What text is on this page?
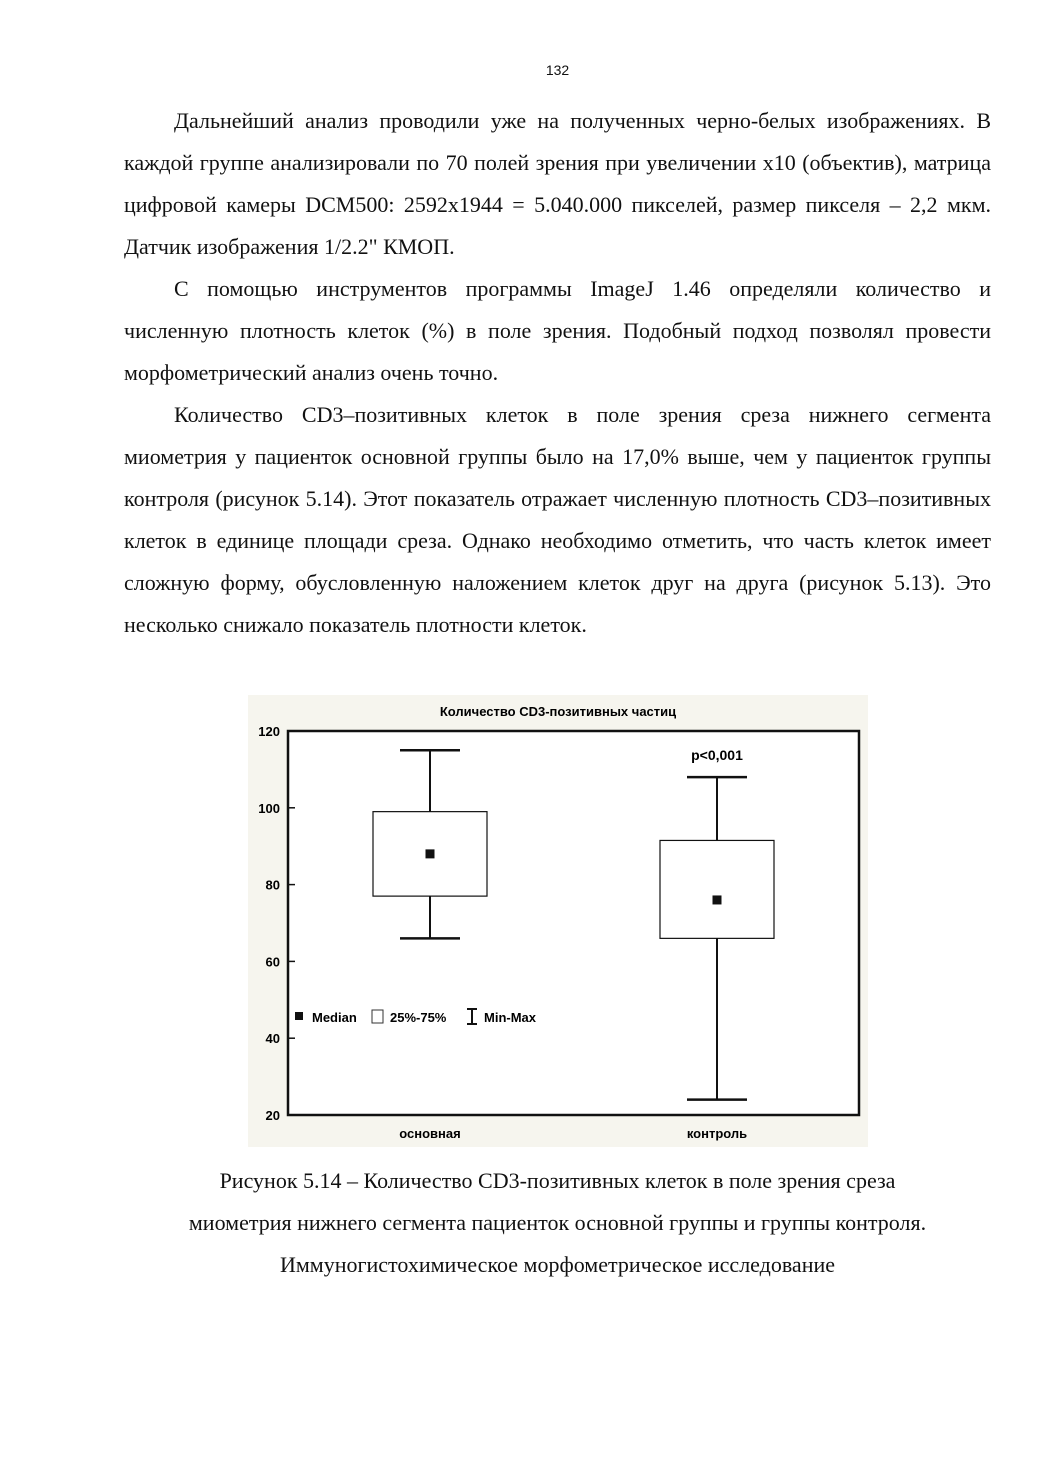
132

Дальнейший анализ проводили уже на полученных черно-белых изображениях. В каждой группе анализировали по 70 полей зрения при увеличении x10 (объектив), матрица цифровой камеры DCM500: 2592x1944 = 5.040.000 пикселей, размер пикселя – 2,2 мкм. Датчик изображения 1/2.2" КМОП.

С помощью инструментов программы ImageJ 1.46 определяли количество и численную плотность клеток (%) в поле зрения. Подобный подход позволял провести морфометрический анализ очень точно.

Количество CD3–позитивных клеток в поле зрения среза нижнего сегмента миометрия у пациенток основной группы было на 17,0% выше, чем у пациенток группы контроля (рисунок 5.14). Этот показатель отражает численную плотность CD3–позитивных клеток в единице площади среза. Однако необходимо отметить, что часть клеток имеет сложную форму, обусловленную наложением клеток друг на друга (рисунок 5.13). Это несколько снижало показатель плотности клеток.

Количество CD3-позитивных частиц
20
40
60
80
100
120
основная	контроль
p<0,001
Median	25%-75%	Min-Max
Рисунок 5.14 – Количество CD3-позитивных клеток в поле зрения среза
миометрия нижнего сегмента пациенток основной группы и группы контроля.
Иммуногистохимическое морфометрическое исследование
